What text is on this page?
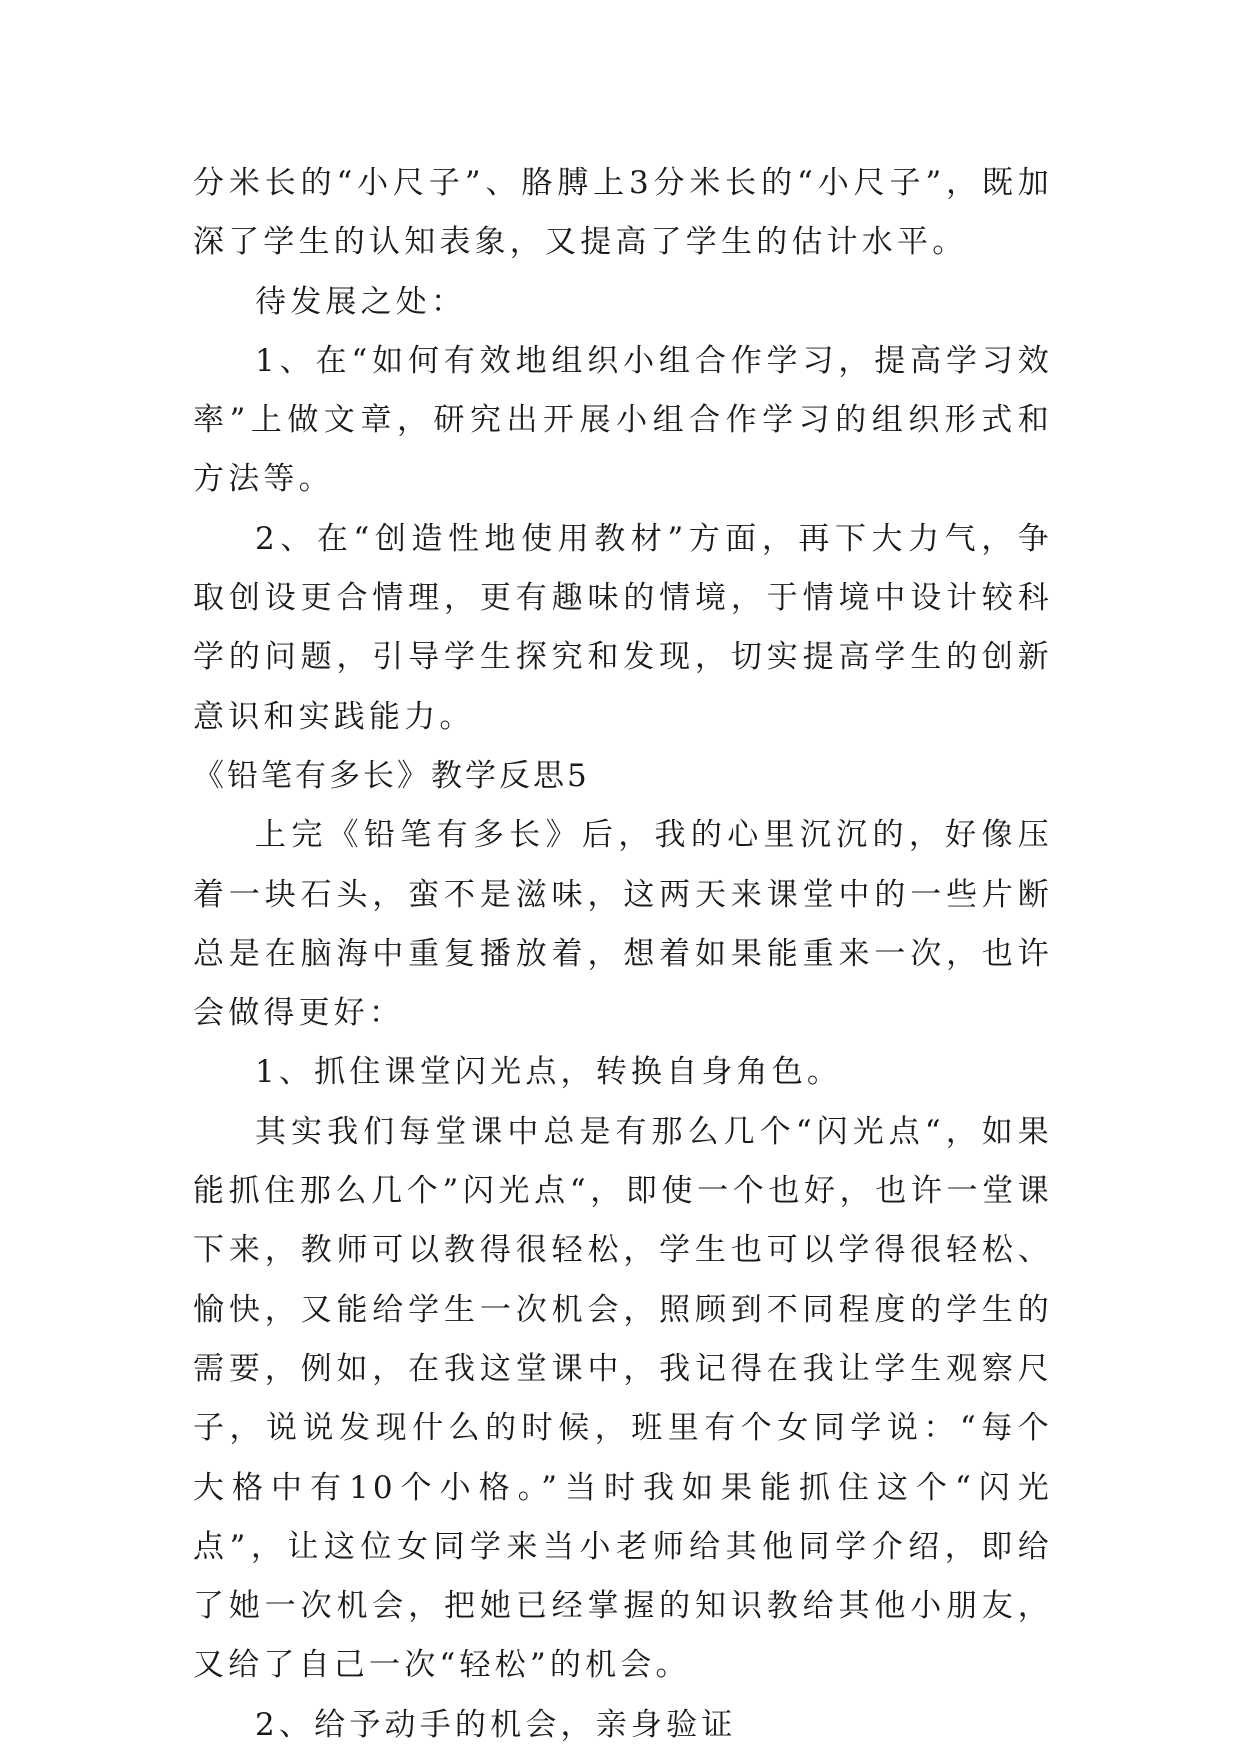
分米长的“小尺子”、胳膊上3分米长的“小尺子”，既加深了学生的认知表象，又提高了学生的估计水平。

待发展之处：

1、在“如何有效地组织小组合作学习，提高学习效率”上做文章，研究出开展小组合作学习的组织形式和方法等。

2、在“创造性地使用教材”方面，再下大力气，争取创设更合情理，更有趣味的情境，于情境中设计较科学的问题，引导学生探究和发现，切实提高学生的创新意识和实践能力。

《铅笔有多长》教学反思5

上完《铅笔有多长》后，我的心里沉沉的，好像压着一块石头，蛮不是滋味，这两天来课堂中的一些片断总是在脑海中重复播放着，想着如果能重来一次，也许会做得更好：

1、抓住课堂闪光点，转换自身角色。

其实我们每堂课中总是有那么几个“闪光点“，如果能抓住那么几个”闪光点“，即使一个也好，也许一堂课下来，教师可以教得很轻松，学生也可以学得很轻松、愉快，又能给学生一次机会，照顾到不同程度的学生的需要，例如，在我这堂课中，我记得在我让学生观察尺子，说说发现什么的时候，班里有个女同学说：“每个大格中有10个小格。”当时我如果能抓住这个“闪光点”，让这位女同学来当小老师给其他同学介绍，即给了她一次机会，把她已经掌握的知识教给其他小朋友，又给了自己一次“轻松”的机会。

2、给予动手的机会，亲身验证
